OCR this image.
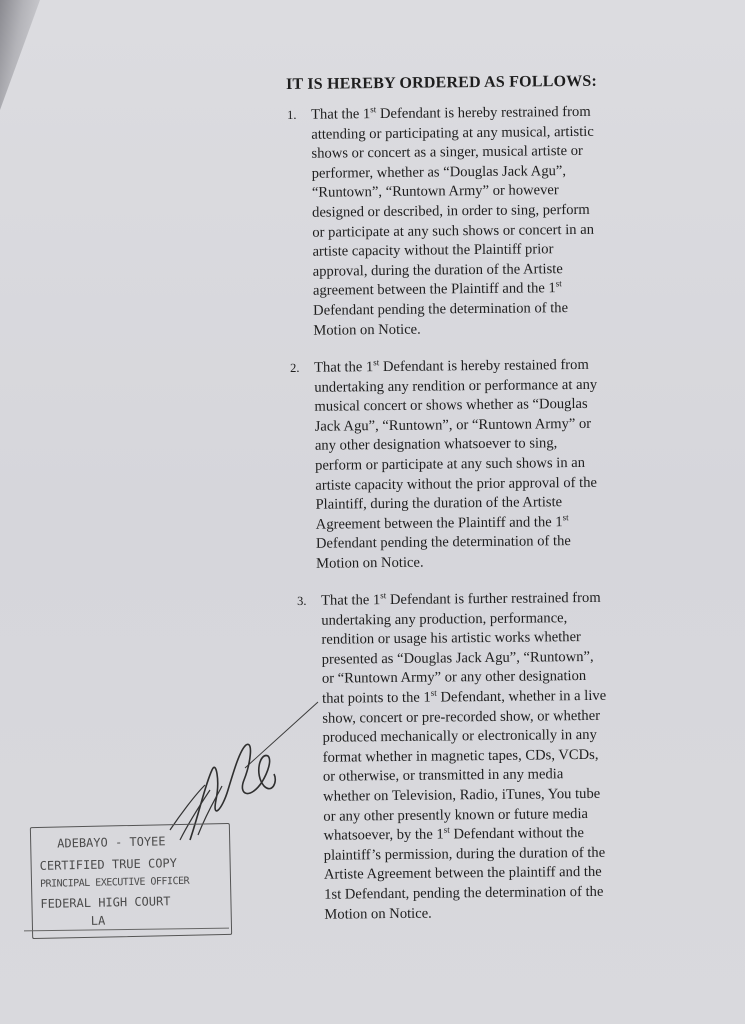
IT IS HEREBY ORDERED AS FOLLOWS:
1. That the 1st Defendant is hereby restrained from
attending or participating at any musical, artistic
shows or concert as a singer, musical artiste or
performer, whether as “Douglas Jack Agu”,
“Runtown”, “Runtown Army” or however
designed or described, in order to sing, perform
or participate at any such shows or concert in an
artiste capacity without the Plaintiff prior
approval, during the duration of the Artiste
agreement between the Plaintiff and the 1st
Defendant pending the determination of the
Motion on Notice.
2. That the 1st Defendant is hereby restained from
undertaking any rendition or performance at any
musical concert or shows whether as “Douglas
Jack Agu”, “Runtown”, or “Runtown Army” or
any other designation whatsoever to sing,
perform or participate at any such shows in an
artiste capacity without the prior approval of the
Plaintiff, during the duration of the Artiste
Agreement between the Plaintiff and the 1st
Defendant pending the determination of the
Motion on Notice.
3. That the 1st Defendant is further restrained from
undertaking any production, performance,
rendition or usage his artistic works whether
presented as “Douglas Jack Agu”, “Runtown”,
or “Runtown Army” or any other designation
that points to the 1st Defendant, whether in a live
show, concert or pre-recorded show, or whether
produced mechanically or electronically in any
format whether in magnetic tapes, CDs, VCDs,
or otherwise, or transmitted in any media
whether on Television, Radio, iTunes, You tube
or any other presently known or future media
whatsoever, by the 1st Defendant without the
plaintiff’s permission, during the duration of the
Artiste Agreement between the plaintiff and the
1st Defendant, pending the determination of the
Motion on Notice.
ADEBAYO - TOYEE
CERTIFIED TRUE COPY
PRINCIPAL EXECUTIVE OFFICER
FEDERAL HIGH COURT
LA
